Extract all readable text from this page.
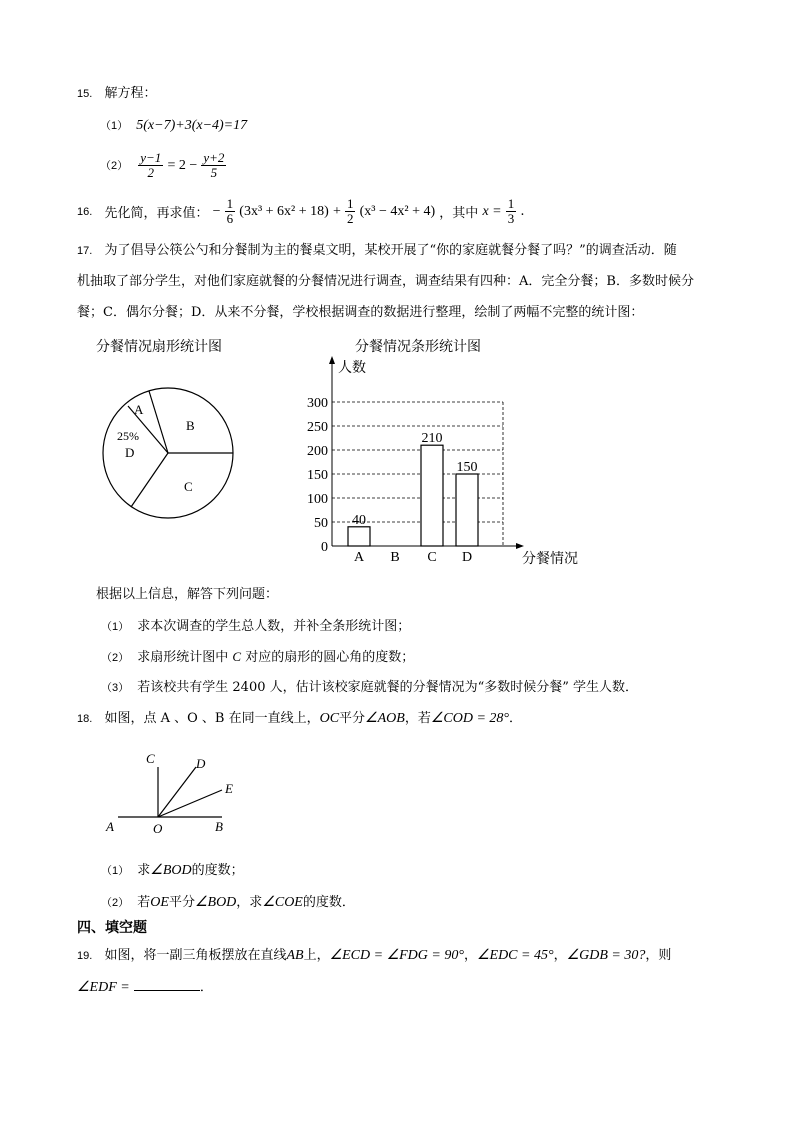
15. 解方程：
（1） 5(x−7)+3(x−4)=17
$(2) \frac{y-1}{2} = 2 - \frac{y+2}{5}$
16. 先化简，再求值： − $\frac{1}{6} (3x^3 + 6x^2 + 18) + \frac{1}{2} (x^3 - 4x^2 + 4)$ ，其中 $x = \frac{1}{3}$ .
17. 为了倡导公筷公勺和分餐制为主的餐桌文明，某校开展了“你的家庭就餐分餐了吗？”的调查活动．随
机抽取了部分学生，对他们家庭就餐的分餐情况进行调查，调查结果有四种：A．完全分餐；B．多数时候分
餐；C．偶尔分餐；D．从来不分餐，学校根据调查的数据进行整理，绘制了两幅不完整的统计图：
分餐情况扇形统计图
A
B
C
D
25%
分餐情况条形统计图
人数
分餐情况
0
50
100
150
200
250
300
40
A B
210
C
150
D
根据以上信息，解答下列问题：
（1） 求本次调查的学生总人数，并补全条形统计图；
（2） 求扇形统计图中 C 对应的扇形的圆心角的度数；
（3） 若该校共有学生 2400 人，估计该校家庭就餐的分餐情况为“多数时候分餐” 学生人数．
18. 如图，点 A 、O 、B 在同一直线上，OC平分∠AOB，若∠COD = 28°．
C	D
E
A	O	B
（1） 求∠BOD的度数；
（2） 若OE平分∠BOD，求∠COE的度数．
四、填空题
19. 如图，将一副三角板摆放在直线AB上，∠ECD = ∠FDG = 90°，∠EDC = 45°，∠GDB = 30?，则
∠EDF =	．
